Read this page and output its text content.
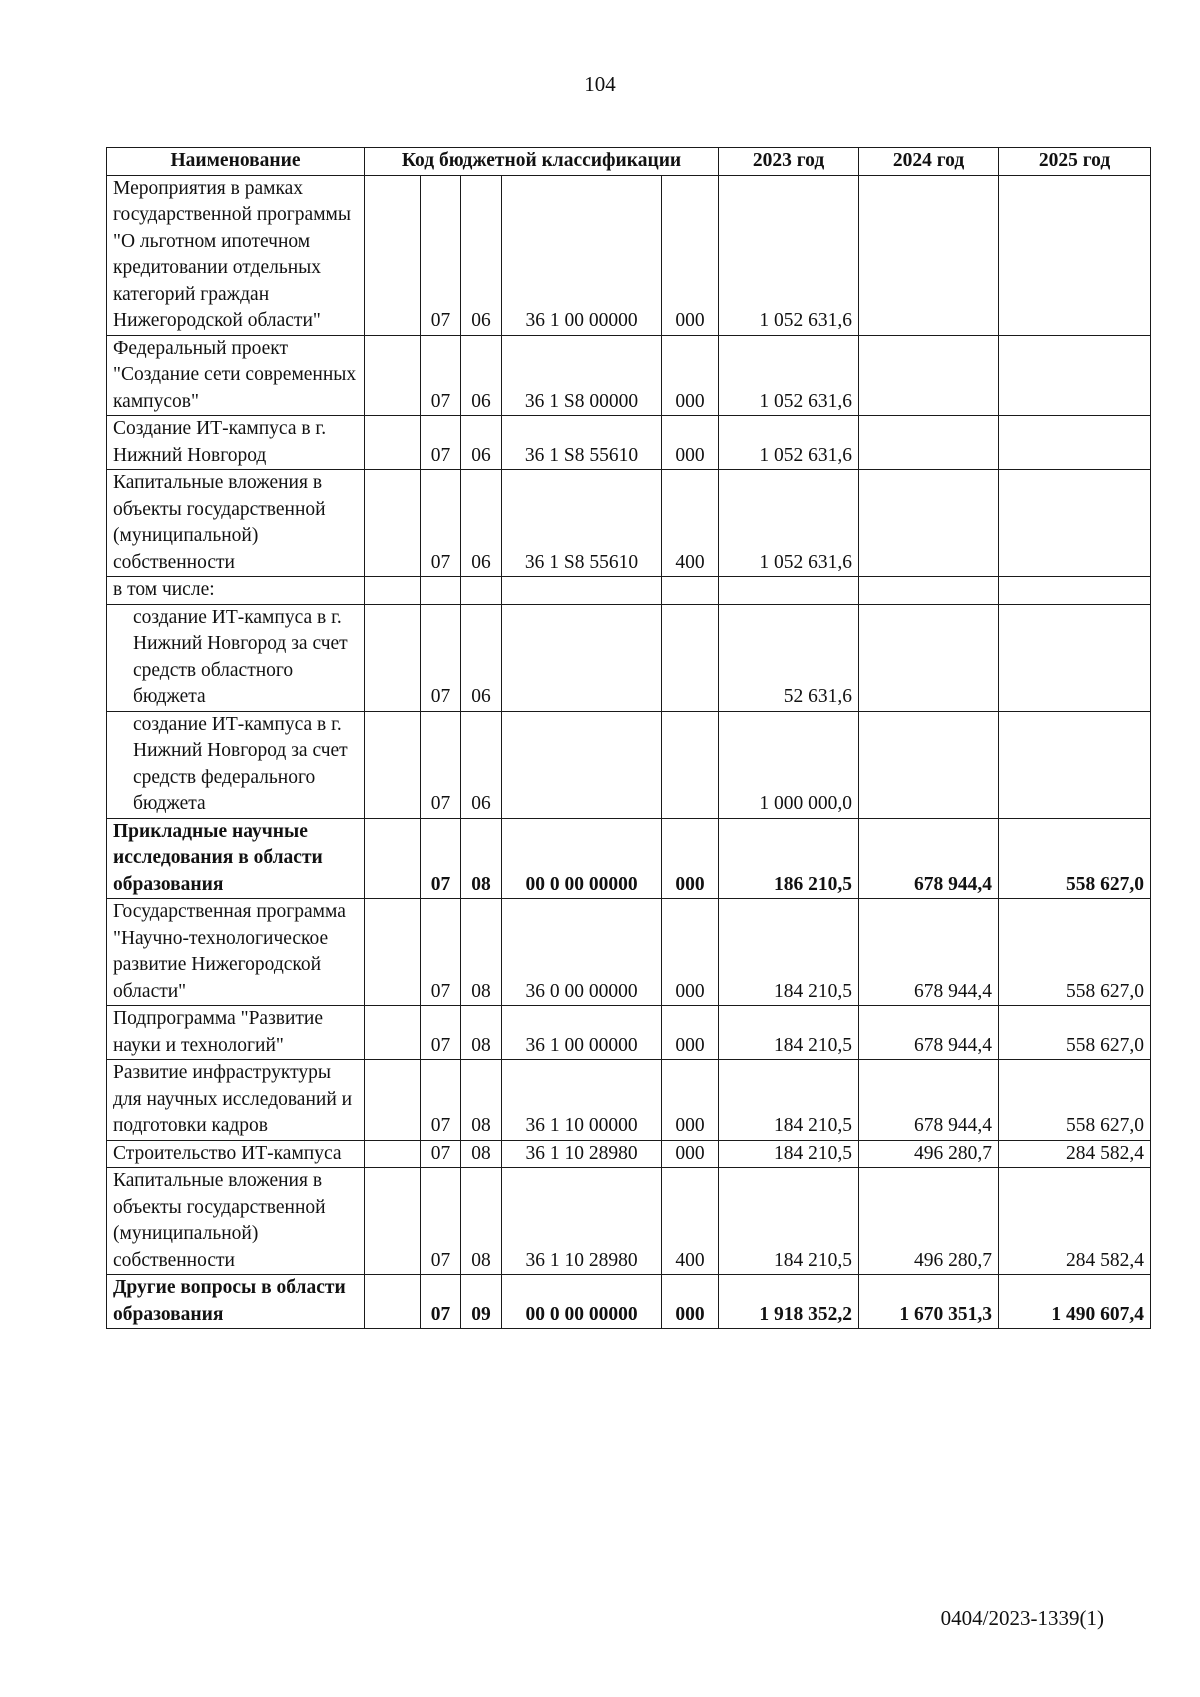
104
Наименование	Код бюджетной классификации					2023 год	2024 год	2025 год
Мероприятия в рамках государственной программы "О льготном ипотечном кредитовании отдельных категорий граждан Нижегородской области"		07	06	36 1 00 00000	000	1 052 631,6		
Федеральный проект "Создание сети современных кампусов"		07	06	36 1 S8 00000	000	1 052 631,6		
Создание ИТ-кампуса в г. Нижний Новгород		07	06	36 1 S8 55610	000	1 052 631,6		
Капитальные вложения в объекты государственной (муниципальной) собственности		07	06	36 1 S8 55610	400	1 052 631,6		
в том числе:								
создание ИТ-кампуса в г. Нижний Новгород за счет средств областного бюджета		07	06			52 631,6		
создание ИТ-кампуса в г. Нижний Новгород за счет средств федерального бюджета		07	06			1 000 000,0		
Прикладные научные исследования в области образования		07	08	00 0 00 00000	000	186 210,5	678 944,4	558 627,0
Государственная программа "Научно-технологическое развитие Нижегородской области"		07	08	36 0 00 00000	000	184 210,5	678 944,4	558 627,0
Подпрограмма "Развитие науки и технологий"		07	08	36 1 00 00000	000	184 210,5	678 944,4	558 627,0
Развитие инфраструктуры для научных исследований и подготовки кадров		07	08	36 1 10 00000	000	184 210,5	678 944,4	558 627,0
Строительство ИТ-кампуса		07	08	36 1 10 28980	000	184 210,5	496 280,7	284 582,4
Капитальные вложения в объекты государственной (муниципальной) собственности		07	08	36 1 10 28980	400	184 210,5	496 280,7	284 582,4
Другие вопросы в области образования		07	09	00 0 00 00000	000	1 918 352,2	1 670 351,3	1 490 607,4
0404/2023-1339(1)
